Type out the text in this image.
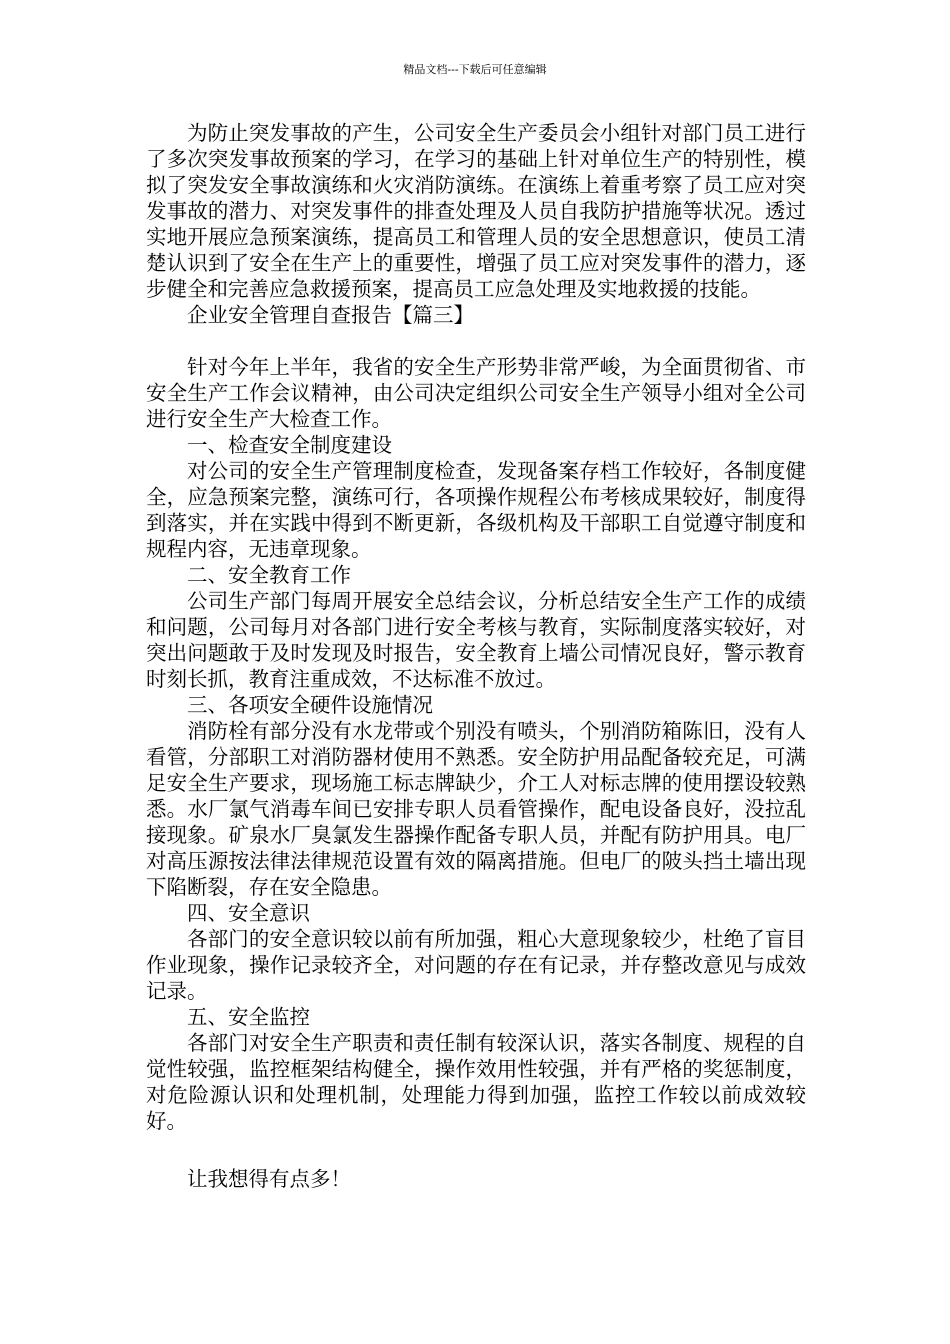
精品文档---下载后可任意编辑

为防止突发事故的产生，公司安全生产委员会小组针对部门员工进行了多次突发事故预案的学习，在学习的基础上针对单位生产的特别性，模拟了突发安全事故演练和火灾消防演练。在演练上着重考察了员工应对突发事故的潜力、对突发事件的排查处理及人员自我防护措施等状况。透过实地开展应急预案演练，提高员工和管理人员的安全思想意识，使员工清楚认识到了安全在生产上的重要性，增强了员工应对突发事件的潜力，逐步健全和完善应急救援预案，提高员工应急处理及实地救援的技能。

企业安全管理自查报告【篇三】

针对今年上半年，我省的安全生产形势非常严峻，为全面贯彻省、市安全生产工作会议精神，由公司决定组织公司安全生产领导小组对全公司进行安全生产大检查工作。

一、检查安全制度建设

对公司的安全生产管理制度检查，发现备案存档工作较好，各制度健全，应急预案完整，演练可行，各项操作规程公布考核成果较好，制度得到落实，并在实践中得到不断更新，各级机构及干部职工自觉遵守制度和规程内容，无违章现象。

二、安全教育工作

公司生产部门每周开展安全总结会议，分析总结安全生产工作的成绩和问题，公司每月对各部门进行安全考核与教育，实际制度落实较好，对突出问题敢于及时发现及时报告，安全教育上墙公司情况良好，警示教育时刻长抓，教育注重成效，不达标准不放过。

三、各项安全硬件设施情况

消防栓有部分没有水龙带或个别没有喷头，个别消防箱陈旧，没有人看管，分部职工对消防器材使用不熟悉。安全防护用品配备较充足，可满足安全生产要求，现场施工标志牌缺少，介工人对标志牌的使用摆设较熟悉。水厂氯气消毒车间已安排专职人员看管操作，配电设备良好，没拉乱接现象。矿泉水厂臭氯发生器操作配备专职人员，并配有防护用具。电厂对高压源按法律法律规范设置有效的隔离措施。但电厂的陂头挡土墙出现下陷断裂，存在安全隐患。

四、安全意识

各部门的安全意识较以前有所加强，粗心大意现象较少，杜绝了盲目作业现象，操作记录较齐全，对问题的存在有记录，并存整改意见与成效记录。

五、安全监控

各部门对安全生产职责和责任制有较深认识，落实各制度、规程的自觉性较强，监控框架结构健全，操作效用性较强，并有严格的奖惩制度，对危险源认识和处理机制，处理能力得到加强，监控工作较以前成效较好。

让我想得有点多！
